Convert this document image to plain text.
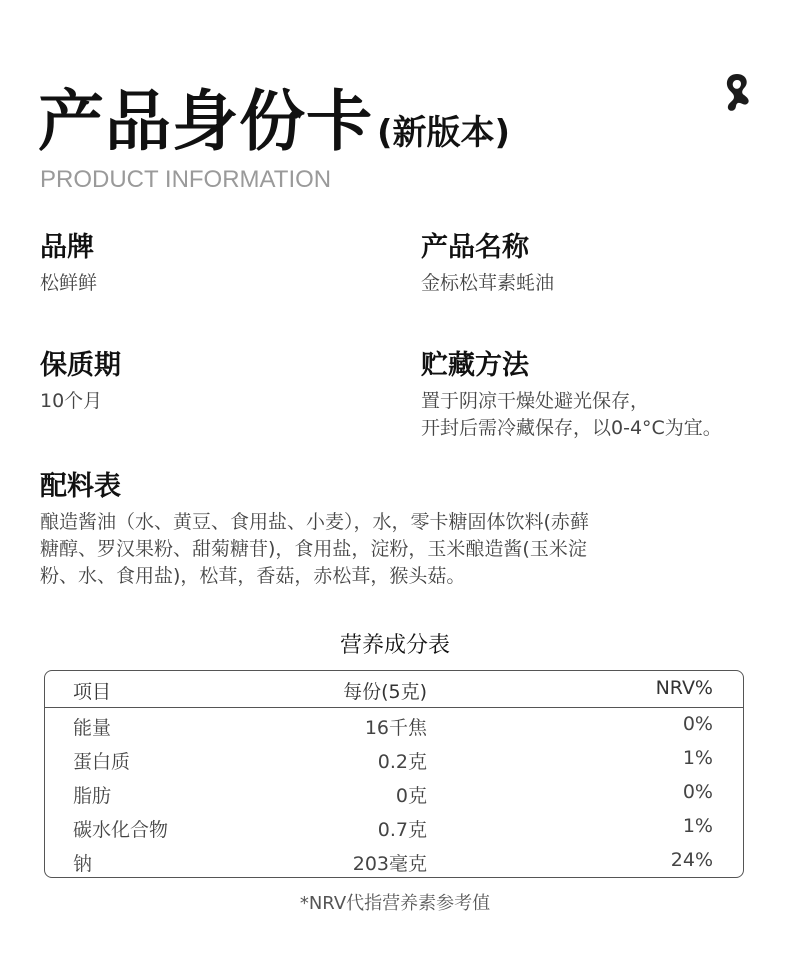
产品身份卡 (新版本)
PRODUCT INFORMATION
品牌
松鲜鲜
产品名称
金标松茸素蚝油
保质期
10个月
贮藏方法
置于阴凉干燥处避光保存，
开封后需冷藏保存，以0-4°C为宜。
配料表
酿造酱油（水、黄豆、食用盐、小麦），水，零卡糖固体饮料(赤藓
糖醇、罗汉果粉、甜菊糖苷)，食用盐，淀粉，玉米酿造酱(玉米淀
粉、水、食用盐)，松茸，香菇，赤松茸，猴头菇。
营养成分表
项目	每份(5克)	NRV%
能量	16千焦	0%
蛋白质	0.2克	1%
脂肪	0克	0%
碳水化合物	0.7克	1%
钠	203毫克	24%
*NRV代指营养素参考值
